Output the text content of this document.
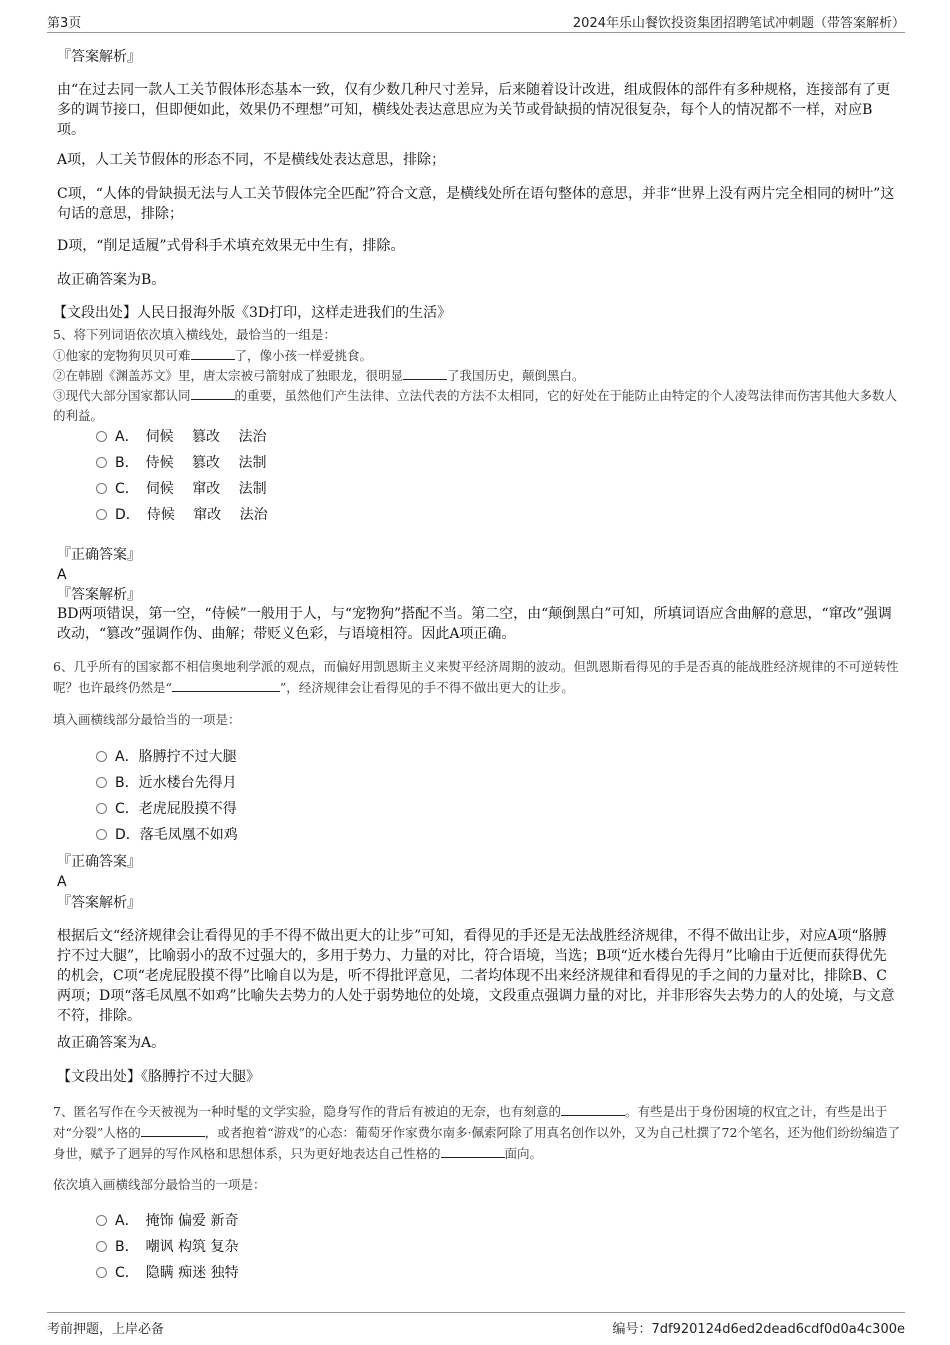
第3页	2024年乐山餐饮投资集团招聘笔试冲刺题（带答案解析）
『答案解析』
由“在过去同一款人工关节假体形态基本一致，仅有少数几种尺寸差异，后来随着设计改进，组成假体的部件有多种规格，连接部有了更多的调节接口，但即便如此，效果仍不理想”可知，横线处表达意思应为关节或骨缺损的情况很复杂，每个人的情况都不一样，对应B项。
A项，人工关节假体的形态不同，不是横线处表达意思，排除；
C项，“人体的骨缺损无法与人工关节假体完全匹配”符合文意，是横线处所在语句整体的意思，并非“世界上没有两片完全相同的树叶”这句话的意思，排除；
D项，“削足适履”式骨科手术填充效果无中生有，排除。
故正确答案为B。
【文段出处】人民日报海外版《3D打印，这样走进我们的生活》
5、将下列词语依次填入横线处，最恰当的一组是：
①他家的宠物狗贝贝可难	了，像小孩一样爱挑食。
②在韩剧《渊盖苏文》里，唐太宗被弓箭射成了独眼龙，很明显	了我国历史，颠倒黑白。
③现代大部分国家都认同	的重要，虽然他们产生法律、立法代表的方法不太相同，它的好处在于能防止由特定的个人凌驾法律而伤害其他大多数人的利益。
A．　伺候　 篡改　 法治
B．　侍候　 篡改　 法制
C．　伺候　 窜改　 法制
D．　侍候　 窜改　 法治
『正确答案』
A
『答案解析』
BD两项错误，第一空，“侍候”一般用于人，与“宠物狗”搭配不当。第二空，由“颠倒黑白”可知，所填词语应含曲解的意思，“窜改”强调改动，“篡改”强调作伪、曲解；带贬义色彩，与语境相符。因此A项正确。
6、几乎所有的国家都不相信奥地利学派的观点，而偏好用凯恩斯主义来熨平经济周期的波动。但凯恩斯看得见的手是否真的能战胜经济规律的不可逆转性呢？也许最终仍然是“	”，经济规律会让看得见的手不得不做出更大的让步。
填入画横线部分最恰当的一项是：
A．胳膊拧不过大腿
B．近水楼台先得月
C．老虎屁股摸不得
D．落毛凤凰不如鸡
『正确答案』
A
『答案解析』
根据后文“经济规律会让看得见的手不得不做出更大的让步”可知，看得见的手还是无法战胜经济规律，不得不做出让步，对应A项“胳膊拧不过大腿”，比喻弱小的敌不过强大的，多用于势力、力量的对比，符合语境，当选；B项“近水楼台先得月”比喻由于近便而获得优先的机会，C项“老虎屁股摸不得”比喻自以为是，听不得批评意见，二者均体现不出来经济规律和看得见的手之间的力量对比，排除B、C两项；D项“落毛凤凰不如鸡”比喻失去势力的人处于弱势地位的处境，文段重点强调力量的对比，并非形容失去势力的人的处境，与文意不符，排除。
故正确答案为A。
【文段出处】《胳膊拧不过大腿》
7、匿名写作在今天被视为一种时髦的文学实验，隐身写作的背后有被迫的无奈，也有刻意的	。有些是出于身份困境的权宜之计，有些是出于对“分裂”人格的	，或者抱着“游戏”的心态：葡萄牙作家费尔南多·佩索阿除了用真名创作以外，又为自己杜撰了72个笔名，还为他们纷纷编造了身世，赋予了迥异的写作风格和思想体系，只为更好地表达自己性格的	面向。
依次填入画横线部分最恰当的一项是：
A．　掩饰 偏爱 新奇
B．　嘲讽 构筑 复杂
C．　隐瞒 痴迷 独特
考前押题，上岸必备	编号：7df920124d6ed2dead6cdf0d0a4c300e
